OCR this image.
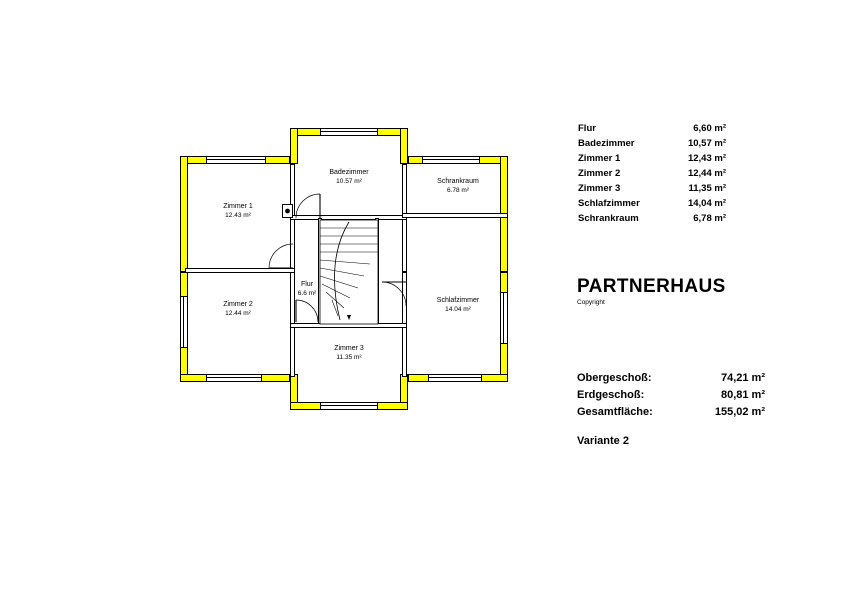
Badezimmer
10.57 m²	Schrankraum
6.78 m²
Zimmer 1
12.43 m²
Zimmer 2
12.44 m²
Flur
6.6 m²
Schlafzimmer
14.04 m²
Zimmer 3
11.35 m²
Flur	6,60 m²
Badezimmer	10,57 m²
Zimmer 1	12,43 m²
Zimmer 2	12,44 m²
Zimmer 3	11,35 m²
Schlafzimmer	14,04 m²
Schrankraum	6,78 m²
PARTNERHAUS
Copyright
Obergeschoß:	74,21 m²
Erdgeschoß:	80,81 m²
Gesamtfläche:	155,02 m²
Variante 2
